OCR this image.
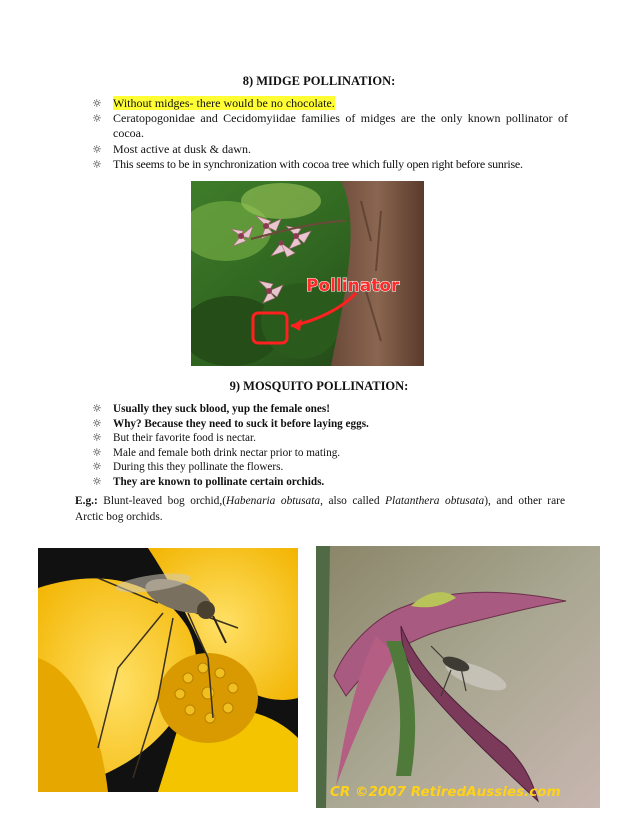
8) MIDGE POLLINATION:
☼ Without midges- there would be no chocolate.
☼ Ceratopogonidae and Cecidomyiidae families of midges are the only known pollinator of cocoa.
☼ Most active at dusk & dawn.
☼ This seems to be in synchronization with cocoa tree which fully open right before sunrise.
Pollinator
9) MOSQUITO POLLINATION:
☼ Usually they suck blood, yup the female ones!
☼ Why? Because they need to suck it before laying eggs.
☼ But their favorite food is nectar.
☼ Male and female both drink nectar prior to mating.
☼ During this they pollinate the flowers.
☼ They are known to pollinate certain orchids.
E.g.: Blunt-leaved bog orchid,(Habenaria obtusata, also called Platanthera obtusata), and other rare Arctic bog orchids.
CR ©2007 RetiredAussies.com
